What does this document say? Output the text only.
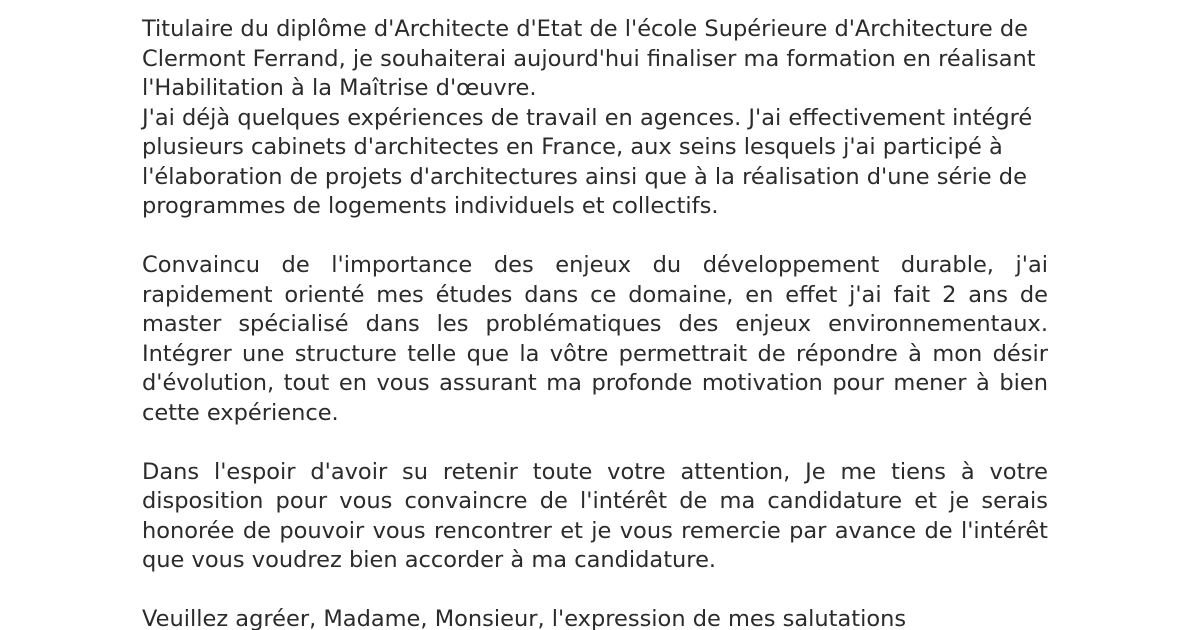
Titulaire du diplôme d'Architecte d'Etat de l'école Supérieure d'Architecture de Clermont Ferrand, je souhaiterai aujourd'hui finaliser ma formation en réalisant l'Habilitation à la Maîtrise d'œuvre.

J'ai déjà quelques expériences de travail en agences. J'ai effectivement intégré plusieurs cabinets d'architectes en France, aux seins lesquels j'ai participé à l'élaboration de projets d'architectures ainsi que à la réalisation d'une série de programmes de logements individuels et collectifs.

Convaincu de l'importance des enjeux du développement durable, j'ai rapidement orienté mes études dans ce domaine, en effet j'ai fait 2 ans de master spécialisé dans les problématiques des enjeux environnementaux. Intégrer une structure telle que la vôtre permettrait de répondre à mon désir d'évolution, tout en vous assurant ma profonde motivation pour mener à bien cette expérience.

Dans l'espoir d'avoir su retenir toute votre attention, Je me tiens à votre disposition pour vous convaincre de l'intérêt de ma candidature et je serais honorée de pouvoir vous rencontrer et je vous remercie par avance de l'intérêt que vous voudrez bien accorder à ma candidature.

Veuillez agréer, Madame, Monsieur, l'expression de mes salutations
